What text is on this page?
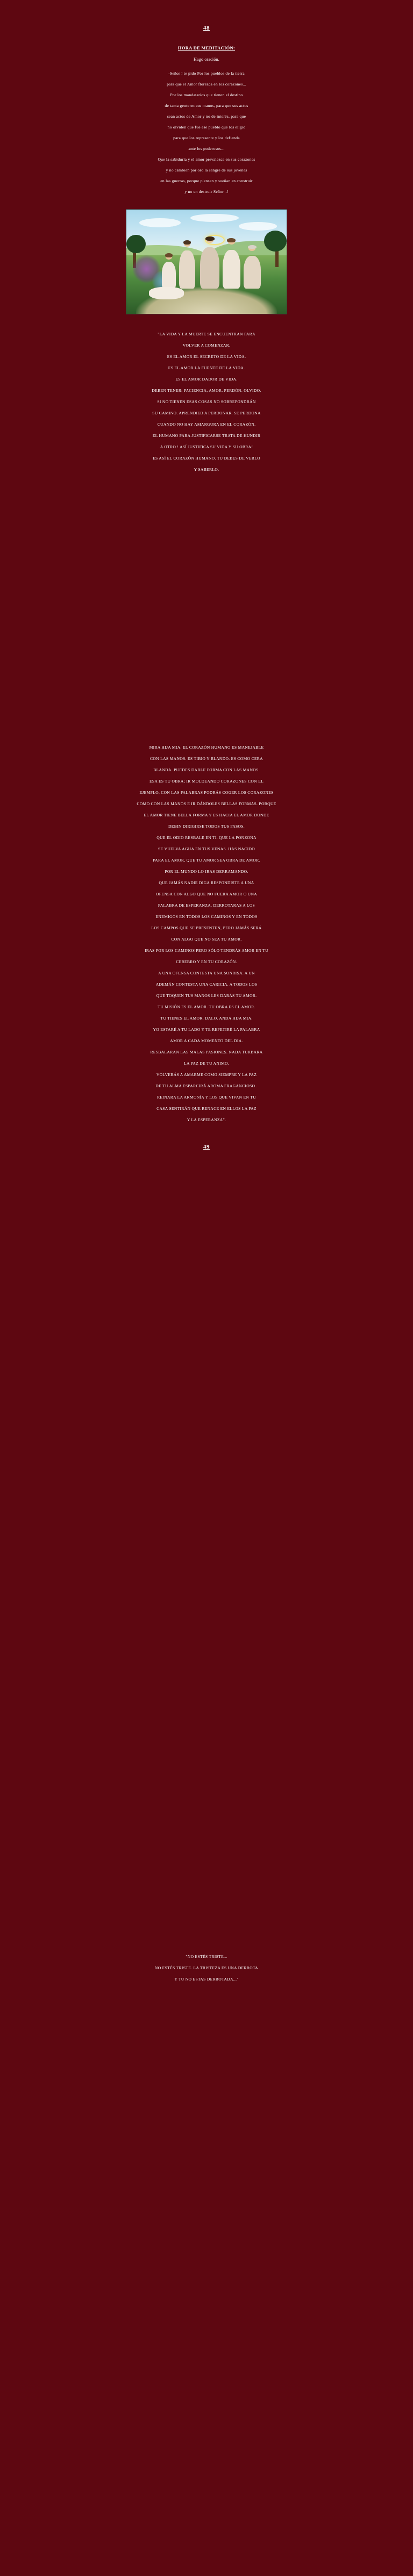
48
HORA DE MEDITACIÓN:
Hago oración.
-Señor ! te pido Por los pueblos de la tierra
para que el Amor florezca en los corazones...
Por los mandatarios que tienen el destino
de tanta gente en sus manos, para que sus actos
sean actos de Amor y no de interés, para que
no olviden que fue ese pueblo que los eligió
para que los represente y los defienda
ante los poderosos...
Que la sabiduría y el amor prevalezca en sus corazones
y no cambien por oro la sangre de sus jovenes
en las guerras, porque piensan y sueñan en construir
y no en destruir Señor...!
"LA VIDA Y LA MUERTE SE ENCUENTRAN PARA
VOLVER A COMENZAR.
ES EL AMOR EL SECRETO DE LA VIDA.
ES EL AMOR LA FUENTE DE LA VIDA.
ES EL AMOR DADOR DE VIDA.
DEBEN TENER: PACIENCIA, AMOR. PERDÓN. OLVIDO.
SI NO TIENEN ESAS COSAS NO SOBREPONDRÁN
SU CAMINO. APRENDIED A PERDONAR. SE PERDONA
CUANDO NO HAY AMARGURA EN EL CORAZÓN.
EL HUMANO PARA JUSTIFICARSE TRATA DE HUNDIR
A OTRO ! ASÍ JUSTIFICA SU VIDA Y SU OBRA!
ES ASÍ EL CORAZÓN HUMANO. TU DEBES DE VERLO
Y SABERLO.
MIRA HIJA MIA, EL CORAZÓN HUMANO ES MANEJABLE
CON LAS MANOS. ES TIBIO Y BLANDO. ES COMO CERA
BLANDA. PUEDES DARLE FORMA CON LAS MANOS.
ESA ES TU OBRA; IR MOLDEANDO CORAZONES CON EL
EJEMPLO, CON LAS PALABRAS PODRÁS COGER LOS CORAZONES
COMO CON LAS MANOS E IR DÁNDOLES BELLAS FORMAS. PORQUE
EL AMOR TIENE BELLA FORMA Y ES HACIA EL AMOR DONDE
DEBIN DIRIGIRSE TODOS TUS PASOS.
QUE EL ODIO RESBALE EN TI. QUE LA PONZOÑA
SE VUELVA AGUA EN TUS VENAS. HAS NACIDO
PARA EL AMOR, QUE TU AMOR SEA OBRA DE AMOR.
POR EL MUNDO LO IRAS DERRAMANDO.
QUE JAMÁS NADIE DIGA RESPONDISTE A UNA
OFENSA CON ALGO QUE NO FUERA AMOR O UNA
PALABRA DE ESPERANZA. DERROTARAS A LOS
ENEMIGOS EN TODOS LOS CAMINOS Y EN TODOS
LOS CAMPOS QUE SE PRESENTEN, PERO JAMÁS SERÁ
CON ALGO QUE NO SEA TU AMOR.
IRAS POR LOS CAMINOS PERO SÓLO TENDRÁS AMOR EN TU
CEREBRO Y EN TU CORAZÓN.
A UNA OFENSA CONTESTA UNA SONRISA. A UN
ADEMÁN CONTESTA UNA CARICIA. A TODOS LOS
QUE TOQUEN TUS MANOS LES DARÁS TU AMOR.
TU MISIÓN ES EL AMOR. TU OBRA ES EL AMOR.
TU TIENES EL AMOR. DALO. ANDA HIJA MIA.
YO ESTARÉ A TU LADO Y TE REPETIRÉ LA PALABRA
AMOR A CADA MOMENTO DEL DIA.
RESBALARAN LAS MALAS PASIONES. NADA TURBARA
LA PAZ DE TU ANIMO.
VOLVERÁS A AMARME COMO SIEMPRE Y LA PAZ
DE TU ALMA ESPARCIRÁ AROMA FRAGANCIOSO .
REINARA LA ARMONÍA Y LOS QUE VIVAN EN TU
CASA SENTIRÁN QUE RENACE EN ELLOS LA PAZ
Y LA ESPERANZA".
49
"NO ESTÉS TRISTE...
NO ESTÉS TRISTE. LA TRISTEZA ES UNA DERROTA
Y TU NO ESTAS DERROTADA..."
